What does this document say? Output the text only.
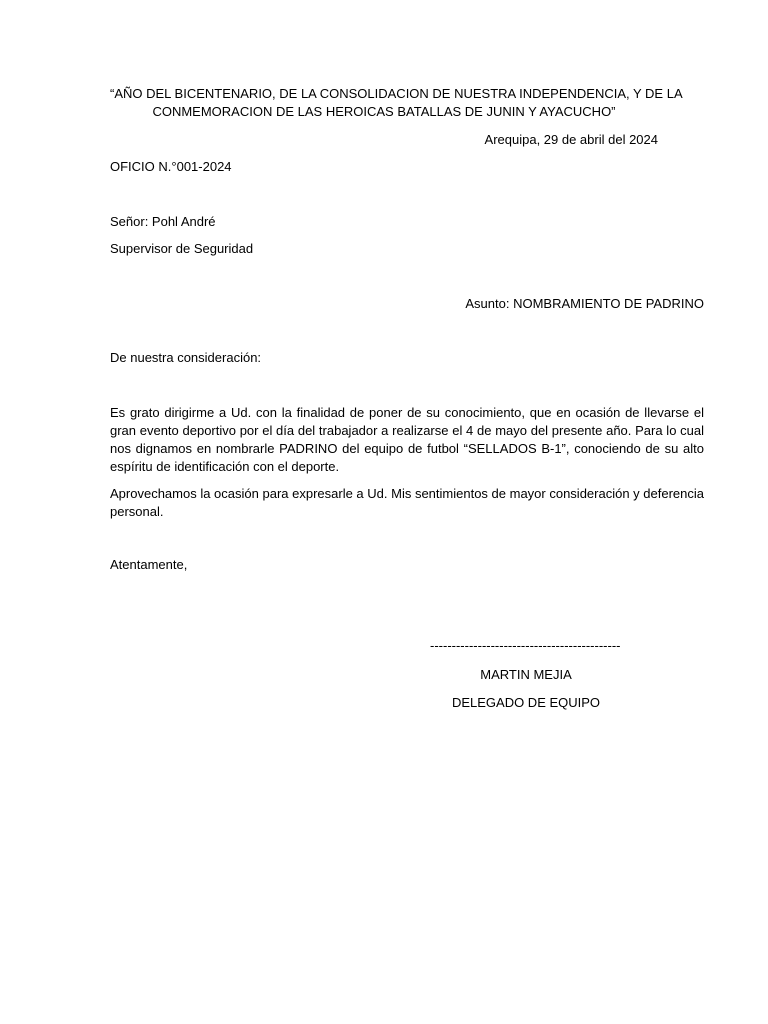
“AÑO DEL BICENTENARIO, DE LA CONSOLIDACION DE NUESTRA INDEPENDENCIA, Y DE LA
CONMEMORACION DE LAS HEROICAS BATALLAS DE JUNIN Y AYACUCHO”
Arequipa, 29 de abril del 2024
OFICIO N.°001-2024
Señor: Pohl André
Supervisor de Seguridad
Asunto: NOMBRAMIENTO DE PADRINO
De nuestra consideración:
Es grato dirigirme a Ud. con la finalidad de poner de su conocimiento, que en ocasión de llevarse el gran evento deportivo por el día del trabajador a realizarse el 4 de mayo del presente año. Para lo cual nos dignamos en nombrarle PADRINO del equipo de futbol “SELLADOS B-1”, conociendo de su alto espíritu de identificación con el deporte.
Aprovechamos la ocasión para expresarle a Ud. Mis sentimientos de mayor consideración y deferencia personal.
Atentamente,
--------------------------------------------
MARTIN MEJIA
DELEGADO DE EQUIPO
